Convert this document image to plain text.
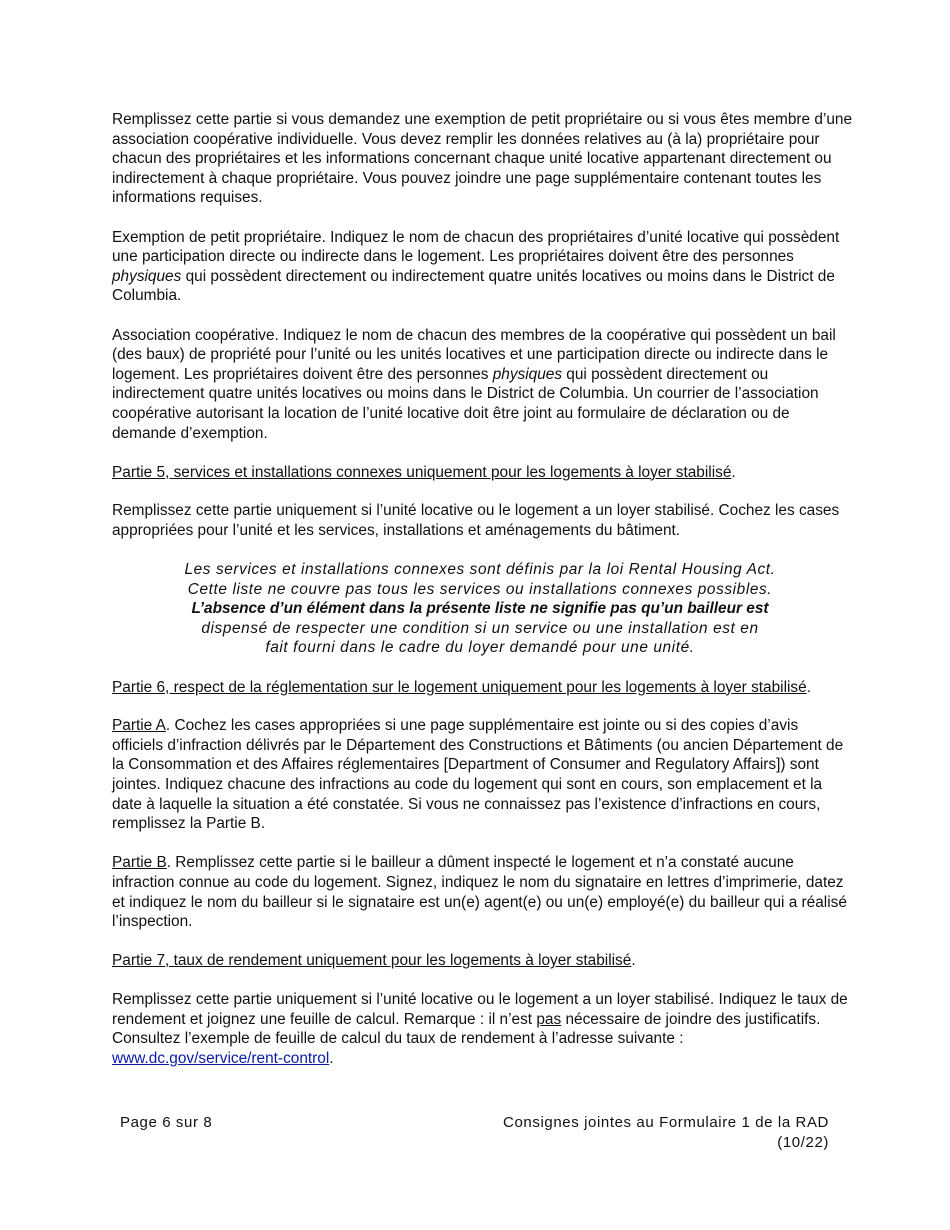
Remplissez cette partie si vous demandez une exemption de petit propriétaire ou si vous êtes membre d’une association coopérative individuelle. Vous devez remplir les données relatives au (à la) propriétaire pour chacun des propriétaires et les informations concernant chaque unité locative appartenant directement ou indirectement à chaque propriétaire. Vous pouvez joindre une page supplémentaire contenant toutes les informations requises.

Exemption de petit propriétaire. Indiquez le nom de chacun des propriétaires d’unité locative qui possèdent une participation directe ou indirecte dans le logement. Les propriétaires doivent être des personnes physiques qui possèdent directement ou indirectement quatre unités locatives ou moins dans le District de Columbia.

Association coopérative. Indiquez le nom de chacun des membres de la coopérative qui possèdent un bail (des baux) de propriété pour l’unité ou les unités locatives et une participation directe ou indirecte dans le logement. Les propriétaires doivent être des personnes physiques qui possèdent directement ou indirectement quatre unités locatives ou moins dans le District de Columbia. Un courrier de l’association coopérative autorisant la location de l’unité locative doit être joint au formulaire de déclaration ou de demande d’exemption.

Partie 5, services et installations connexes uniquement pour les logements à loyer stabilisé.

Remplissez cette partie uniquement si l’unité locative ou le logement a un loyer stabilisé. Cochez les cases appropriées pour l’unité et les services, installations et aménagements du bâtiment.

Les services et installations connexes sont définis par la loi Rental Housing Act.
Cette liste ne couvre pas tous les services ou installations connexes possibles.
L’absence d’un élément dans la présente liste ne signifie pas qu’un bailleur est
dispensé de respecter une condition si un service ou une installation est en
fait fourni dans le cadre du loyer demandé pour une unité.

Partie 6, respect de la réglementation sur le logement uniquement pour les logements à loyer stabilisé.

Partie A. Cochez les cases appropriées si une page supplémentaire est jointe ou si des copies d’avis officiels d’infraction délivrés par le Département des Constructions et Bâtiments (ou ancien Département de la Consommation et des Affaires réglementaires [Department of Consumer and Regulatory Affairs]) sont jointes. Indiquez chacune des infractions au code du logement qui sont en cours, son emplacement et la date à laquelle la situation a été constatée. Si vous ne connaissez pas l’existence d’infractions en cours, remplissez la Partie B.

Partie B. Remplissez cette partie si le bailleur a dûment inspecté le logement et n’a constaté aucune infraction connue au code du logement. Signez, indiquez le nom du signataire en lettres d’imprimerie, datez et indiquez le nom du bailleur si le signataire est un(e) agent(e) ou un(e) employé(e) du bailleur qui a réalisé l’inspection.

Partie 7, taux de rendement uniquement pour les logements à loyer stabilisé.

Remplissez cette partie uniquement si l’unité locative ou le logement a un loyer stabilisé. Indiquez le taux de rendement et joignez une feuille de calcul. Remarque : il n’est pas nécessaire de joindre des justificatifs. Consultez l’exemple de feuille de calcul du taux de rendement à l’adresse suivante : www.dc.gov/service/rent-control.

Page 6 sur 8	Consignes jointes au Formulaire 1 de la RAD
(10/22)
